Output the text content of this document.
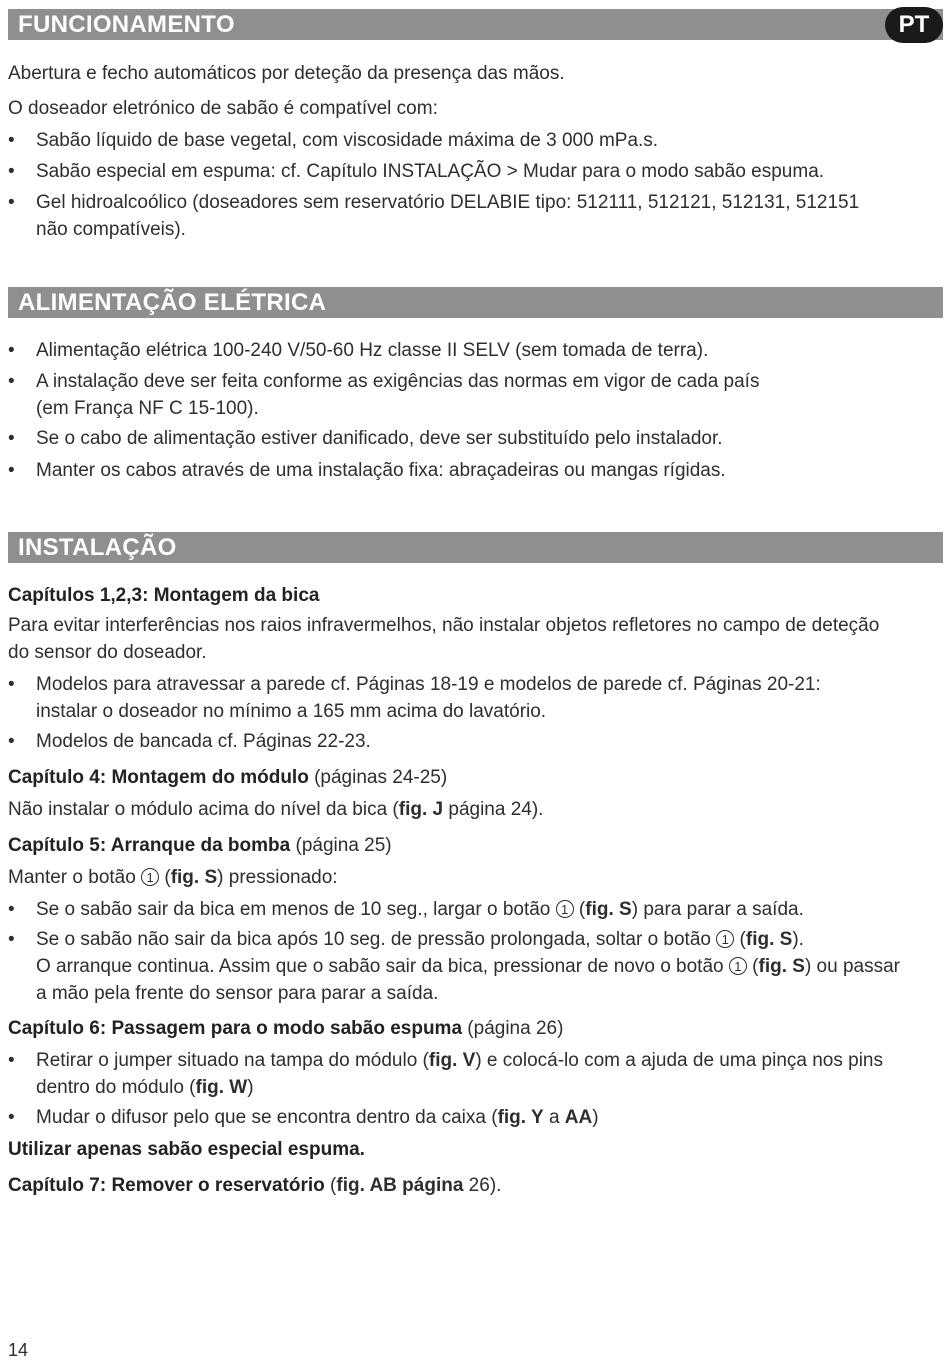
FUNCIONAMENTO	PT

Abertura e fecho automáticos por deteção da presença das mãos.

O doseador eletrónico de sabão é compatível com:

• Sabão líquido de base vegetal, com viscosidade máxima de 3 000 mPa.s.
• Sabão especial em espuma: cf. Capítulo INSTALAÇÃO > Mudar para o modo sabão espuma.
• Gel hidroalcoólico (doseadores sem reservatório DELABIE tipo: 512111, 512121, 512131, 512151
não compatíveis).
ALIMENTAÇÃO ELÉTRICA
• Alimentação elétrica 100-240 V/50-60 Hz classe II SELV (sem tomada de terra).
• A instalação deve ser feita conforme as exigências das normas em vigor de cada país
(em França NF C 15-100).
• Se o cabo de alimentação estiver danificado, deve ser substituído pelo instalador.
• Manter os cabos através de uma instalação fixa: abraçadeiras ou mangas rígidas.
INSTALAÇÃO

Capítulos 1,2,3: Montagem da bica

Para evitar interferências nos raios infravermelhos, não instalar objetos refletores no campo de deteção
do sensor do doseador.

• Modelos para atravessar a parede cf. Páginas 18-19 e modelos de parede cf. Páginas 20-21:
instalar o doseador no mínimo a 165 mm acima do lavatório.
• Modelos de bancada cf. Páginas 22-23.

Capítulo 4: Montagem do módulo (páginas 24-25)

Não instalar o módulo acima do nível da bica (fig. J página 24).

Capítulo 5: Arranque da bomba (página 25)

Manter o botão 1 (fig. S) pressionado:

• Se o sabão sair da bica em menos de 10 seg., largar o botão 1 (fig. S) para parar a saída.
• Se o sabão não sair da bica após 10 seg. de pressão prolongada, soltar o botão 1 (fig. S).
O arranque continua. Assim que o sabão sair da bica, pressionar de novo o botão 1 (fig. S) ou passar
a mão pela frente do sensor para parar a saída.

Capítulo 6: Passagem para o modo sabão espuma (página 26)

• Retirar o jumper situado na tampa do módulo (fig. V) e colocá-lo com a ajuda de uma pinça nos pins
dentro do módulo (fig. W)
• Mudar o difusor pelo que se encontra dentro da caixa (fig. Y a AA)

Utilizar apenas sabão especial espuma.

Capítulo 7: Remover o reservatório (fig. AB página 26).

14
